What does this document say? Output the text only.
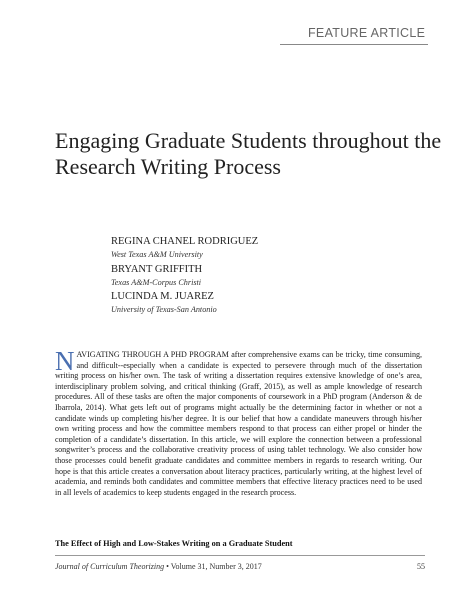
FEATURE ARTICLE
Engaging Graduate Students throughout the Research Writing Process
REGINA CHANEL RODRIGUEZ
West Texas A&M University
BRYANT GRIFFITH
Texas A&M-Corpus Christi
LUCINDA M. JUAREZ
University of Texas-San Antonio
NAVIGATING THROUGH A PHD PROGRAM after comprehensive exams can be tricky, time consuming, and difficult--especially when a candidate is expected to persevere through much of the dissertation writing process on his/her own. The task of writing a dissertation requires extensive knowledge of one’s area, interdisciplinary problem solving, and critical thinking (Graff, 2015), as well as ample knowledge of research procedures. All of these tasks are often the major components of coursework in a PhD program (Anderson & de Ibarrola, 2014). What gets left out of programs might actually be the determining factor in whether or not a candidate winds up completing his/her degree. It is our belief that how a candidate maneuvers through his/her own writing process and how the committee members respond to that process can either propel or hinder the completion of a candidate’s dissertation. In this article, we will explore the connection between a professional songwriter’s process and the collaborative creativity process of using tablet technology. We also consider how those processes could benefit graduate candidates and committee members in regards to research writing. Our hope is that this article creates a conversation about literacy practices, particularly writing, at the highest level of academia, and reminds both candidates and committee members that effective literacy practices need to be used in all levels of academics to keep students engaged in the research process.
The Effect of High and Low-Stakes Writing on a Graduate Student
Journal of Curriculum Theorizing • Volume 31, Number 3, 2017	55
